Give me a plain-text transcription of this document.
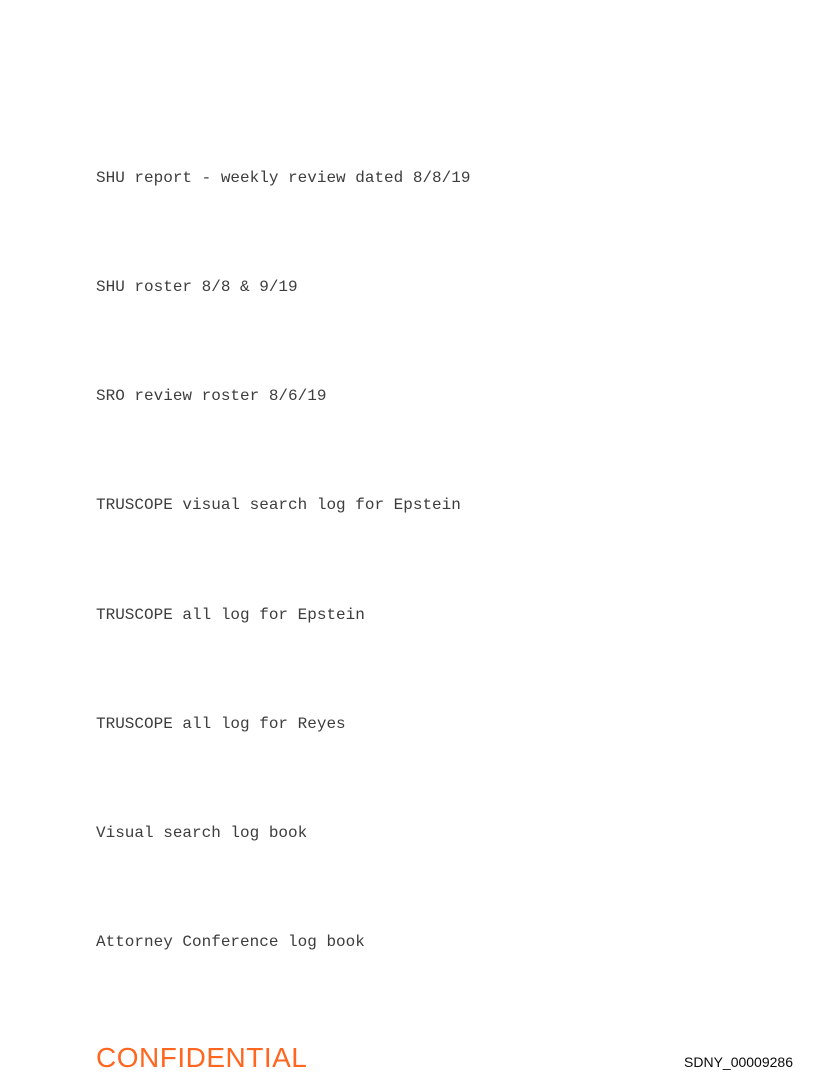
SHU report - weekly review dated 8/8/19

SHU roster 8/8 & 9/19

SRO review roster 8/6/19

TRUSCOPE visual search log for Epstein

TRUSCOPE all log for Epstein

TRUSCOPE all log for Reyes

Visual search log book

Attorney Conference log book

CONFIDENTIAL	SDNY_00009286
